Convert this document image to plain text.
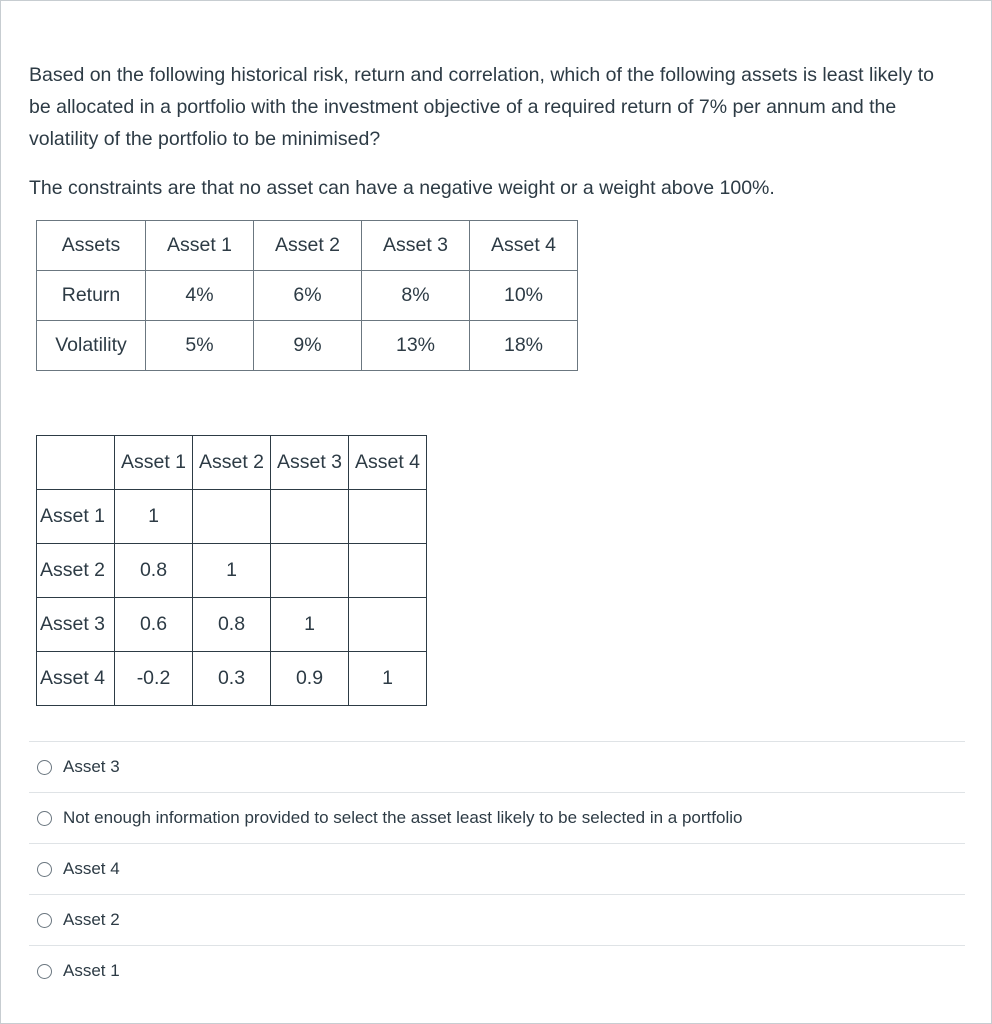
Based on the following historical risk, return and correlation, which of the following assets is least likely to be allocated in a portfolio with the investment objective of a required return of 7% per annum and the volatility of the portfolio to be minimised?

The constraints are that no asset can have a negative weight or a weight above 100%.

Assets	Asset 1	Asset 2	Asset 3	Asset 4
Return	4%	6%	8%	10%
Volatility	5%	9%	13%	18%
	Asset 1	Asset 2	Asset 3	Asset 4
Asset 1	1			
Asset 2	0.8	1		
Asset 3	0.6	0.8	1	
Asset 4	-0.2	0.3	0.9	1
Asset 3
Not enough information provided to select the asset least likely to be selected in a portfolio
Asset 4
Asset 2
Asset 1
